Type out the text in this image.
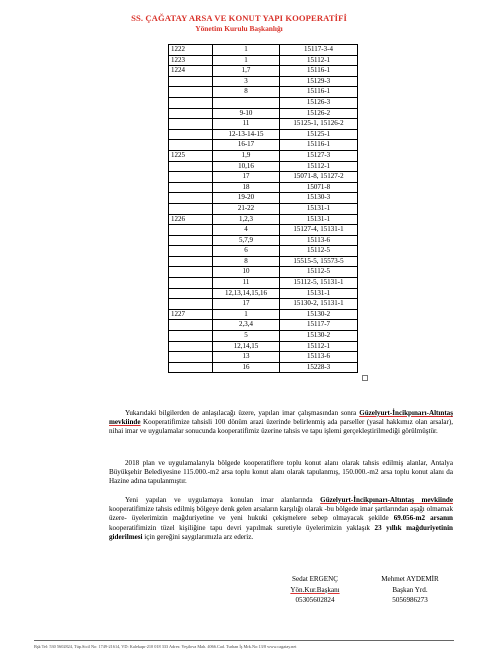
SS. ÇAĞATAY ARSA VE KONUT YAPI KOOPERATİFİ
Yönetim Kurulu Başkanlığı
1222	1	15117-3-4
1223	1	15112-1
1224	1,7	15116-1
	3	15129-3
	8	15116-1
		15126-3
	9-10	15126-2
	11	15125-1, 15126-2
	12-13-14-15	15125-1
	16-17	15116-1
1225	1,9	15127-3
	10,16	15112-1
	17	15071-8, 15127-2
	18	15071-8
	19-20	15130-3
	21-22	15131-1
1226	1,2,3	15131-1
	4	15127-4, 15131-1
	5,7,9	15113-6
	6	15112-5
	8	15515-5, 15573-5
	10	15112-5
	11	15112-5, 15131-1
	12,13,14,15,16	15131-1
	17	15130-2, 15131-1
1227	1	15130-2
	2,3,4	15117-7
	5	15130-2
	12,14,15	15112-1
	13	15113-6
	16	15228-3

Yukarıdaki bilgilerden de anlaşılacağı üzere, yapılan imar çalışmasından sonra Güzelyurt-İncikpınarı-Altıntaş mevkiinde Kooperatifimize tahsisli 100 dönüm arazi üzerinde belirlenmiş ada parseller (yasal hakkımız olan arsalar), nihai imar ve uygulamalar sonucunda kooperatifimiz üzerine tahsis ve tapu işlemi gerçekleştirilmediği görülmüştür.

2018 plan ve uygulamalarıyla bölgede kooperatiflere toplu konut alanı olarak tahsis edilmiş alanlar, Antalya Büyükşehir Belediyesine 115.000.-m2 arsa toplu konut alanı olarak tapulanmış, 150.000.-m2 arsa toplu konut alanı da Hazine adına tapulanmıştır.

Yeni yapılan ve uygulamaya konulan imar alanlarında Güzelyurt-İncikpınarı-Altıntaş mevkiinde kooperatifimize tahsis edilmiş bölgeye denk gelen arsaların karşılığı olarak -bu bölgede imar şartlarından aşağı olmamak üzere- üyelerimizin mağduriyetine ve yeni hukuki çekişmelere sebep olmayacak şekilde 69.056-m2 arsanın kooperatifimizin tüzel kişiliğine tapu devri yapılmak suretiyle üyelerimizin yaklaşık 23 yıllık mağduriyetinin giderilmesi için gereğini saygılarımızla arz ederiz.

Sedat ERGENÇ
Yön.Kur.Başkanı
05305602824
Mehmet AYDEMİR
Başkan Yrd.
5056986273
Bşk Tel: 530 5602824, Tüp.Sicil No: 1749-21614, VD: Kalekapı-210 018 333 Adres: Yeşilova Mah. 4066.Cad. Turhan İş Mrk.No:13/8 www.cagatay.net
